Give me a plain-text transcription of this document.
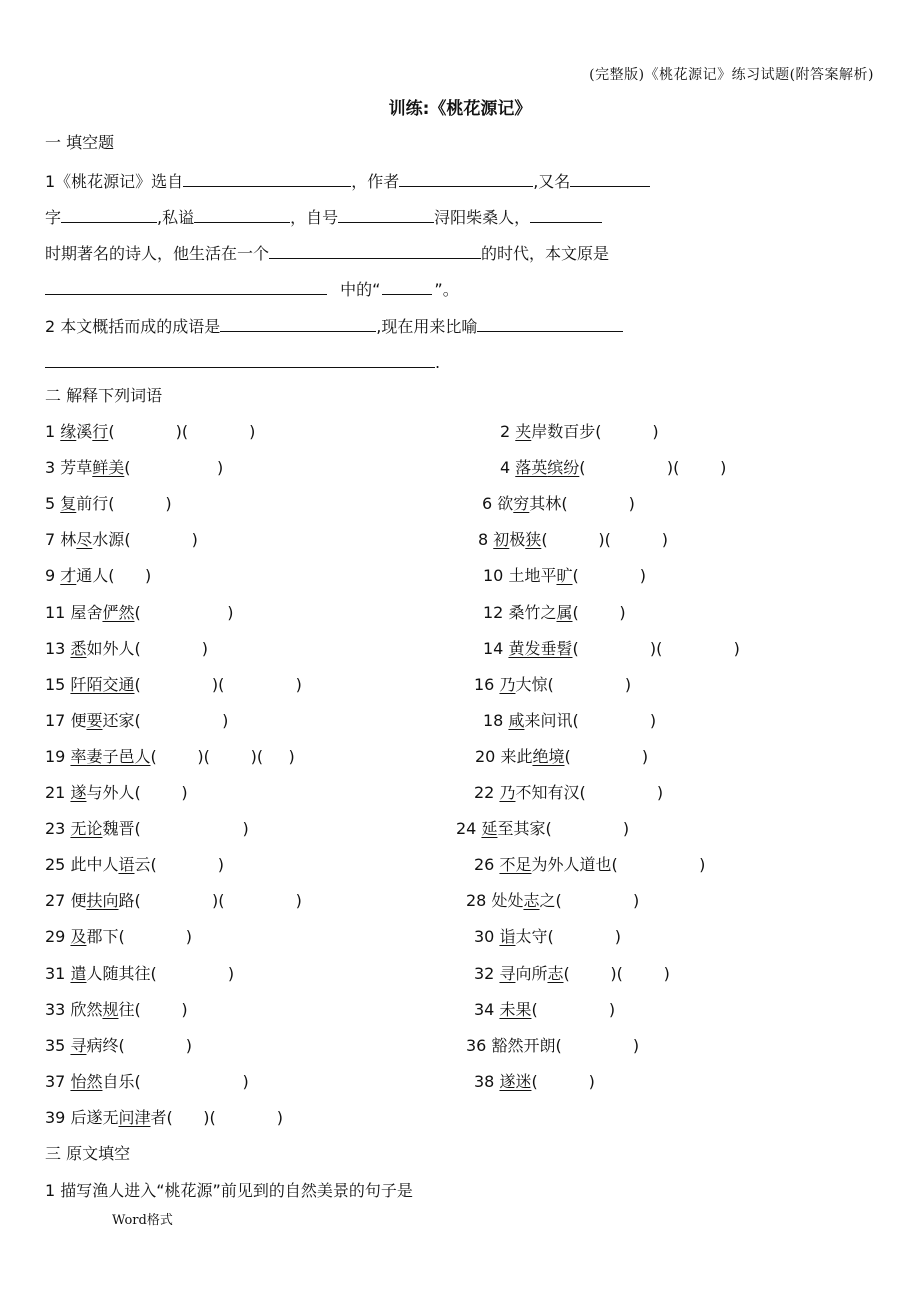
(完整版)《桃花源记》练习试题(附答案解析)
训练:《桃花源记》
一 填空题
1《桃花源记》选自	，作者	,又名
字	,私谥	，自号	浔阳柴桑人，
时期著名的诗人，他生活在一个	的时代，本文原是
中的“	”。
2 本文概括而成的成语是	,现在用来比喻
.
二 解释下列词语
1 缘溪行(            )(            )	2 夹岸数百步(          )
3 芳草鲜美(                 )	4 落英缤纷(                )(        )
5 复前行(          )	6 欲穷其林(            )
7 林尽水源(            )	8 初极狭(          )(          )
9 才通人(      )	10 土地平旷(            )
11 屋舍俨然(                 )	12 桑竹之属(        )
13 悉如外人(            )	14 黄发垂髫(              )(              )
15 阡陌交通(              )(              )	16 乃大惊(              )
17 便要还家(                )	18 咸来问讯(              )
19 率妻子邑人(        )(        )(     )	20 来此绝境(              )
21 遂与外人(        )	22 乃不知有汉(              )
23 无论魏晋(                    )	24 延至其家(              )
25 此中人语云(            )	26 不足为外人道也(                )
27 便扶向路(              )(              )	28 处处志之(              )
29 及郡下(            )	30 诣太守(            )
31 遣人随其往(              )	32 寻向所志(        )(        )
33 欣然规往(        )	34 未果(              )
35 寻病终(            )	36 豁然开朗(              )
37 怡然自乐(                    )	38 遂迷(          )
39 后遂无问津者(      )(            )
三 原文填空
1 描写渔人进入“桃花源”前见到的自然美景的句子是
Word格式
